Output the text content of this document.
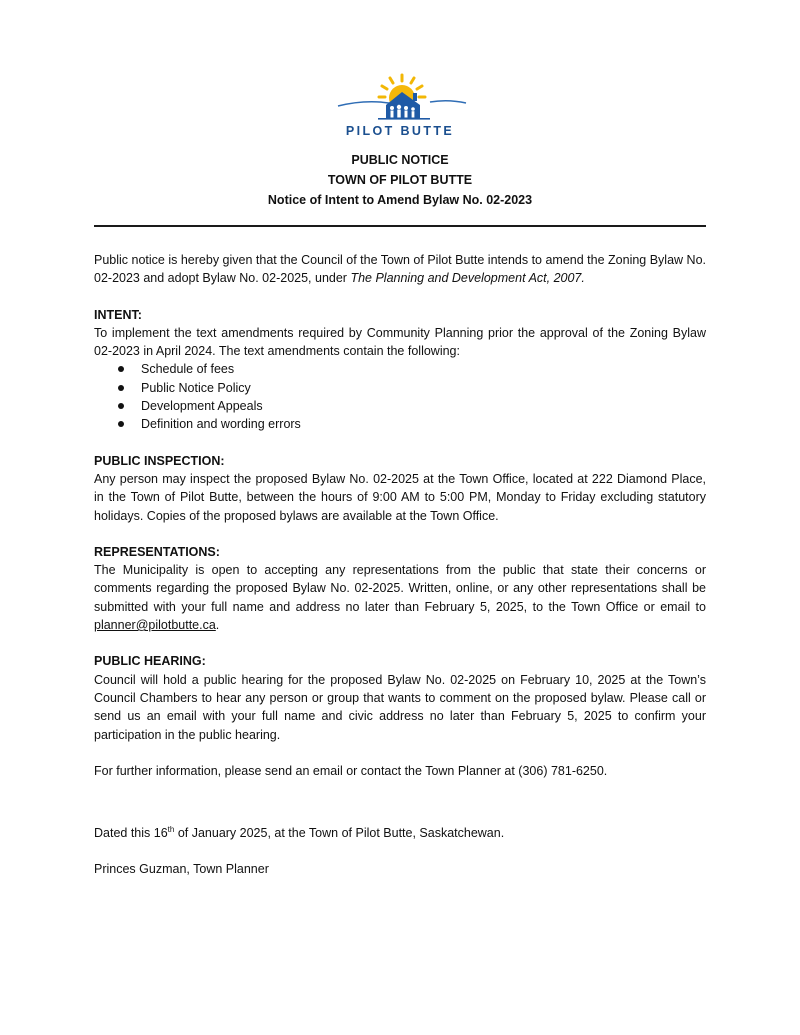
PILOT BUTTE
PUBLIC NOTICE
TOWN OF PILOT BUTTE
Notice of Intent to Amend Bylaw No. 02-2023

Public notice is hereby given that the Council of the Town of Pilot Butte intends to amend the Zoning Bylaw No. 02-2023 and adopt Bylaw No. 02-2025, under The Planning and Development Act, 2007.

INTENT:

To implement the text amendments required by Community Planning prior the approval of the Zoning Bylaw 02-2023 in April 2024. The text amendments contain the following:

Schedule of fees
Public Notice Policy
Development Appeals
Definition and wording errors
PUBLIC INSPECTION:

Any person may inspect the proposed Bylaw No. 02-2025 at the Town Office, located at 222 Diamond Place, in the Town of Pilot Butte, between the hours of 9:00 AM to 5:00 PM, Monday to Friday excluding statutory holidays. Copies of the proposed bylaws are available at the Town Office.

REPRESENTATIONS:

The Municipality is open to accepting any representations from the public that state their concerns or comments regarding the proposed Bylaw No. 02-2025. Written, online, or any other representations shall be submitted with your full name and address no later than February 5, 2025, to the Town Office or email to planner@pilotbutte.ca.

PUBLIC HEARING:

Council will hold a public hearing for the proposed Bylaw No. 02-2025 on February 10, 2025 at the Town’s Council Chambers to hear any person or group that wants to comment on the proposed bylaw. Please call or send us an email with your full name and civic address no later than February 5, 2025 to confirm your participation in the public hearing.

For further information, please send an email or contact the Town Planner at (306) 781-6250.

Dated this 16th of January 2025, at the Town of Pilot Butte, Saskatchewan.

Princes Guzman, Town Planner
